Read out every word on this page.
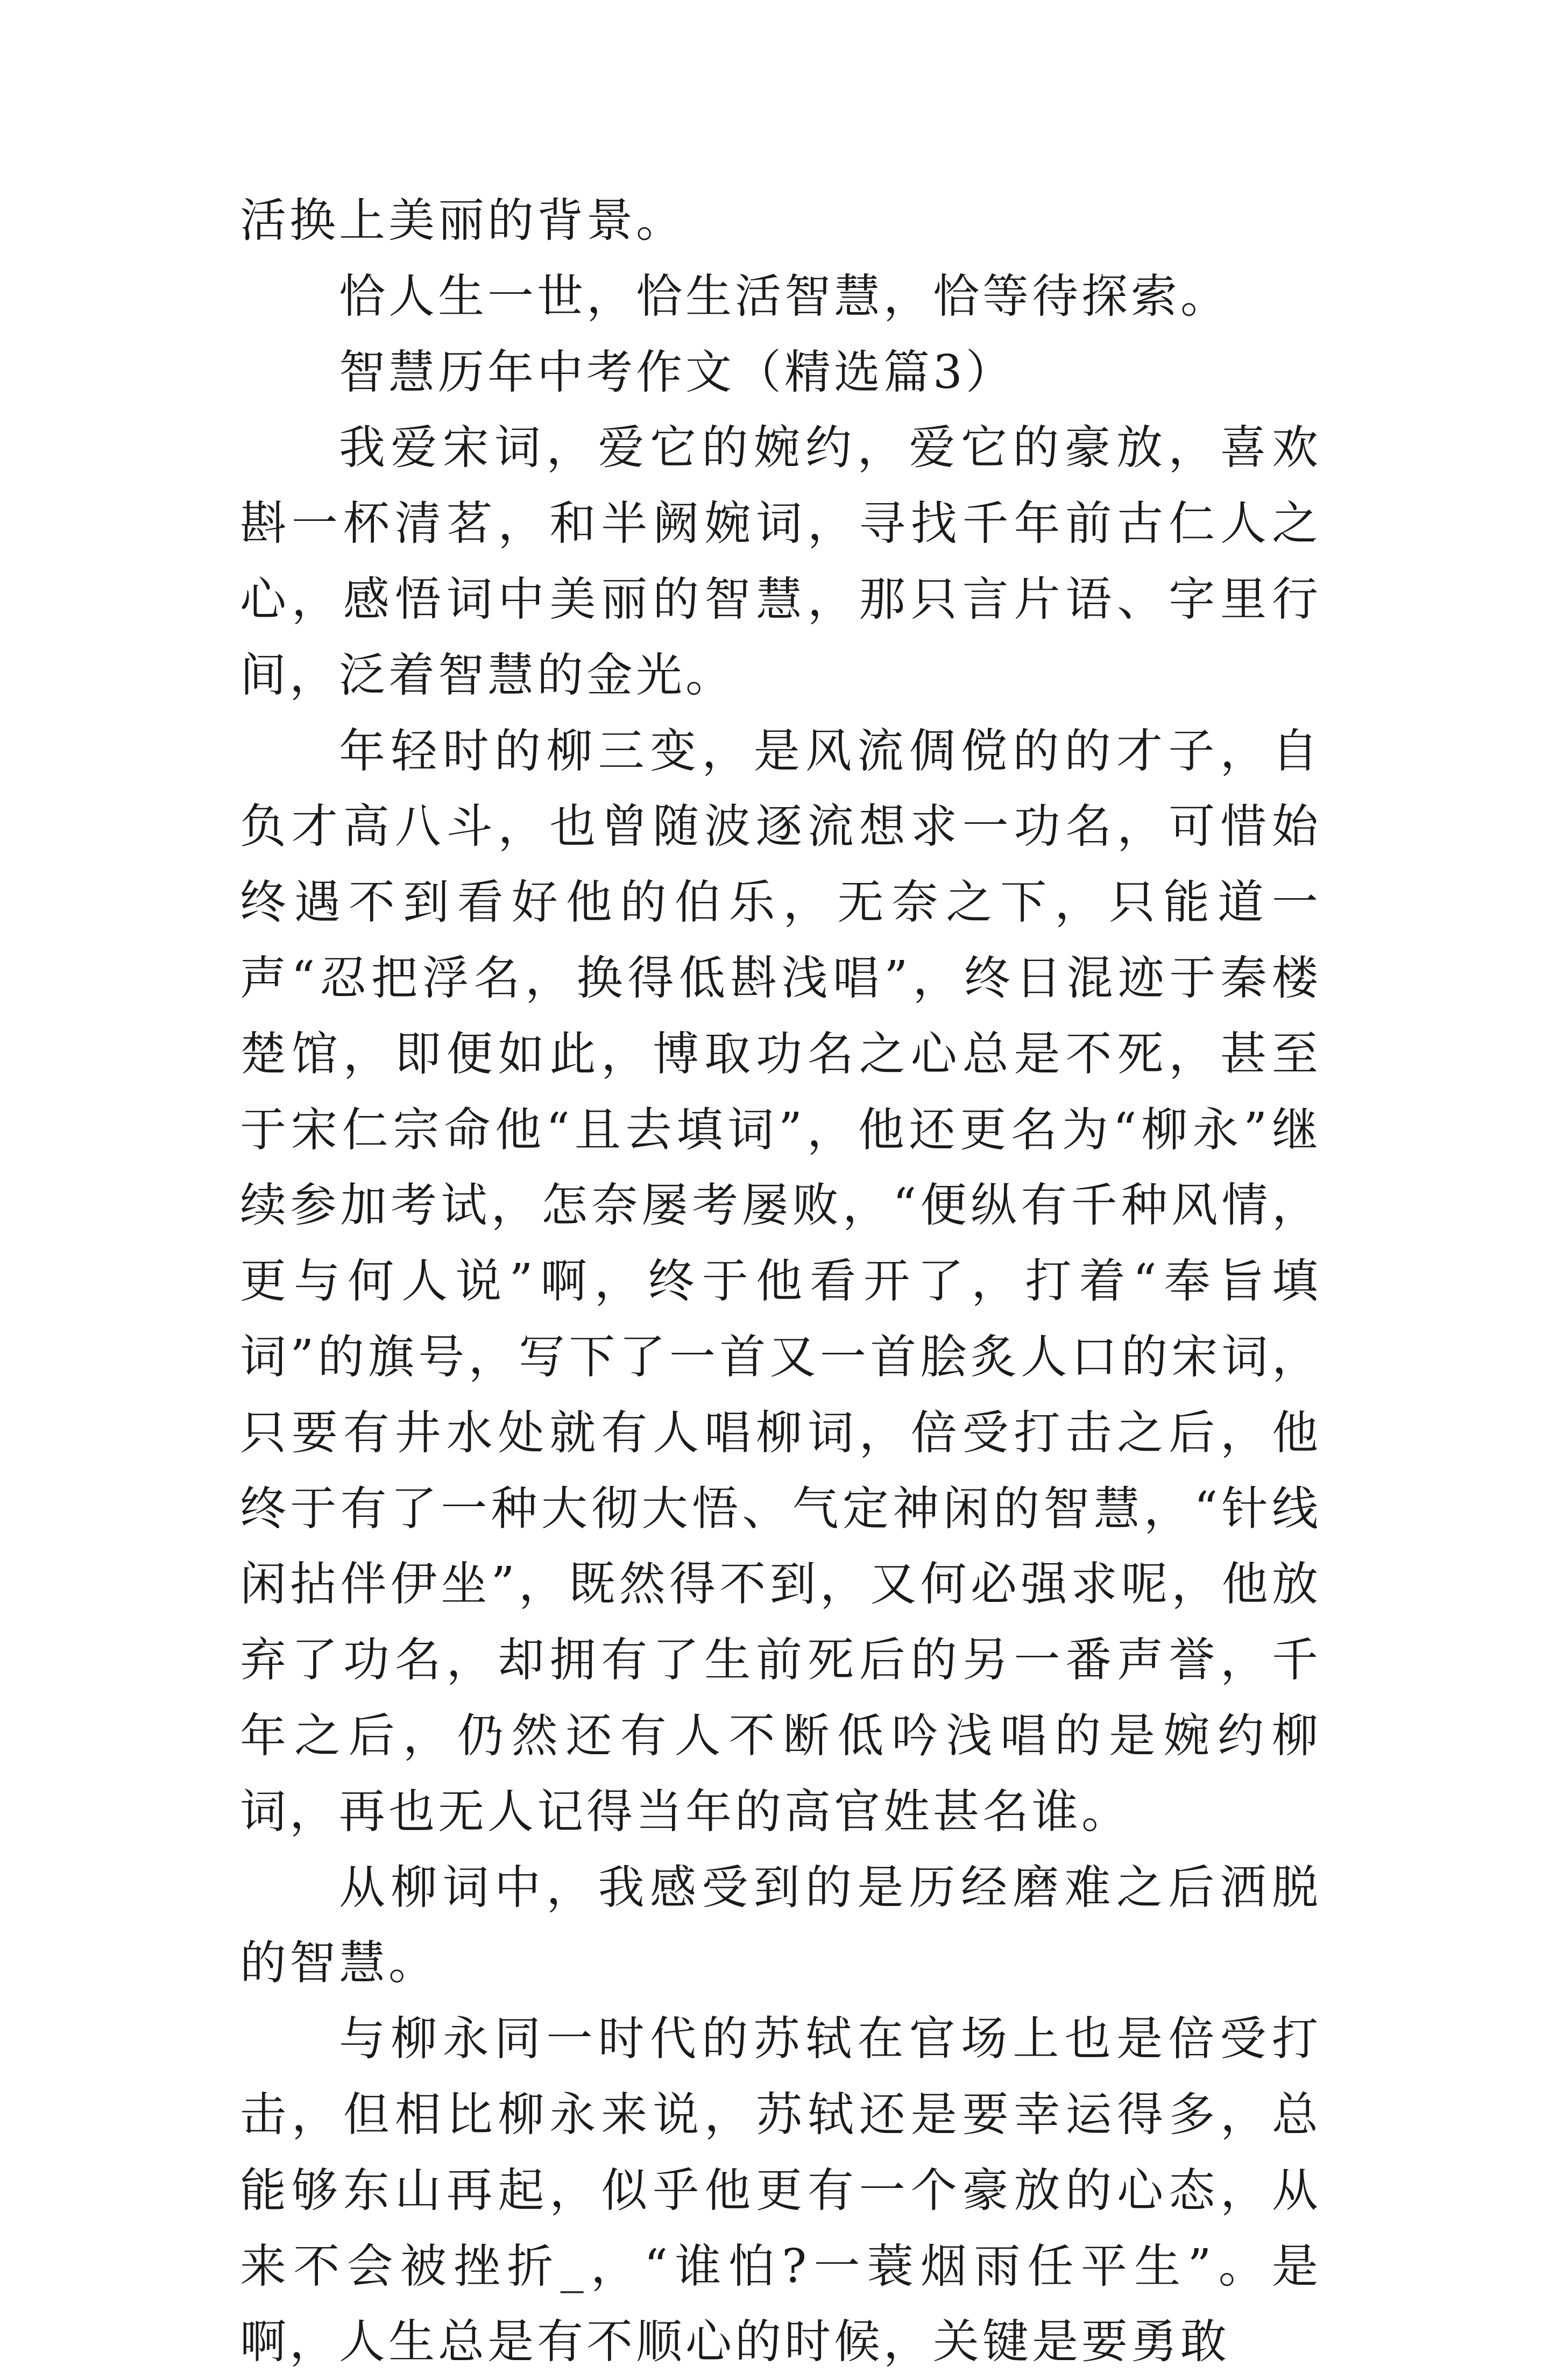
活换上美丽的背景。

恰人生一世，恰生活智慧，恰等待探索。

智慧历年中考作文（精选篇3）

我爱宋词，爱它的婉约，爱它的豪放，喜欢斟一杯清茗，和半阙婉词，寻找千年前古仁人之心，感悟词中美丽的智慧，那只言片语、字里行间，泛着智慧的金光。

年轻时的柳三变，是风流倜傥的的才子，自负才高八斗，也曾随波逐流想求一功名，可惜始终遇不到看好他的伯乐，无奈之下，只能道一声“忍把浮名，换得低斟浅唱”，终日混迹于秦楼楚馆，即便如此，博取功名之心总是不死，甚至于宋仁宗命他“且去填词”，他还更名为“柳永”继续参加考试，怎奈屡考屡败，“便纵有千种风情，更与何人说”啊，终于他看开了，打着“奉旨填词”的旗号，写下了一首又一首脍炙人口的宋词，只要有井水处就有人唱柳词，倍受打击之后，他终于有了一种大彻大悟、气定神闲的智慧，“针线闲拈伴伊坐”，既然得不到，又何必强求呢，他放弃了功名，却拥有了生前死后的另一番声誉，千年之后，仍然还有人不断低吟浅唱的是婉约柳词，再也无人记得当年的高官姓甚名谁。

从柳词中，我感受到的是历经磨难之后洒脱的智慧。

与柳永同一时代的苏轼在官场上也是倍受打击，但相比柳永来说，苏轼还是要幸运得多，总能够东山再起，似乎他更有一个豪放的心态，从来不会被挫折_，“谁怕?一蓑烟雨任平生”。是啊，人生总是有不顺心的时候，关键是要勇敢
